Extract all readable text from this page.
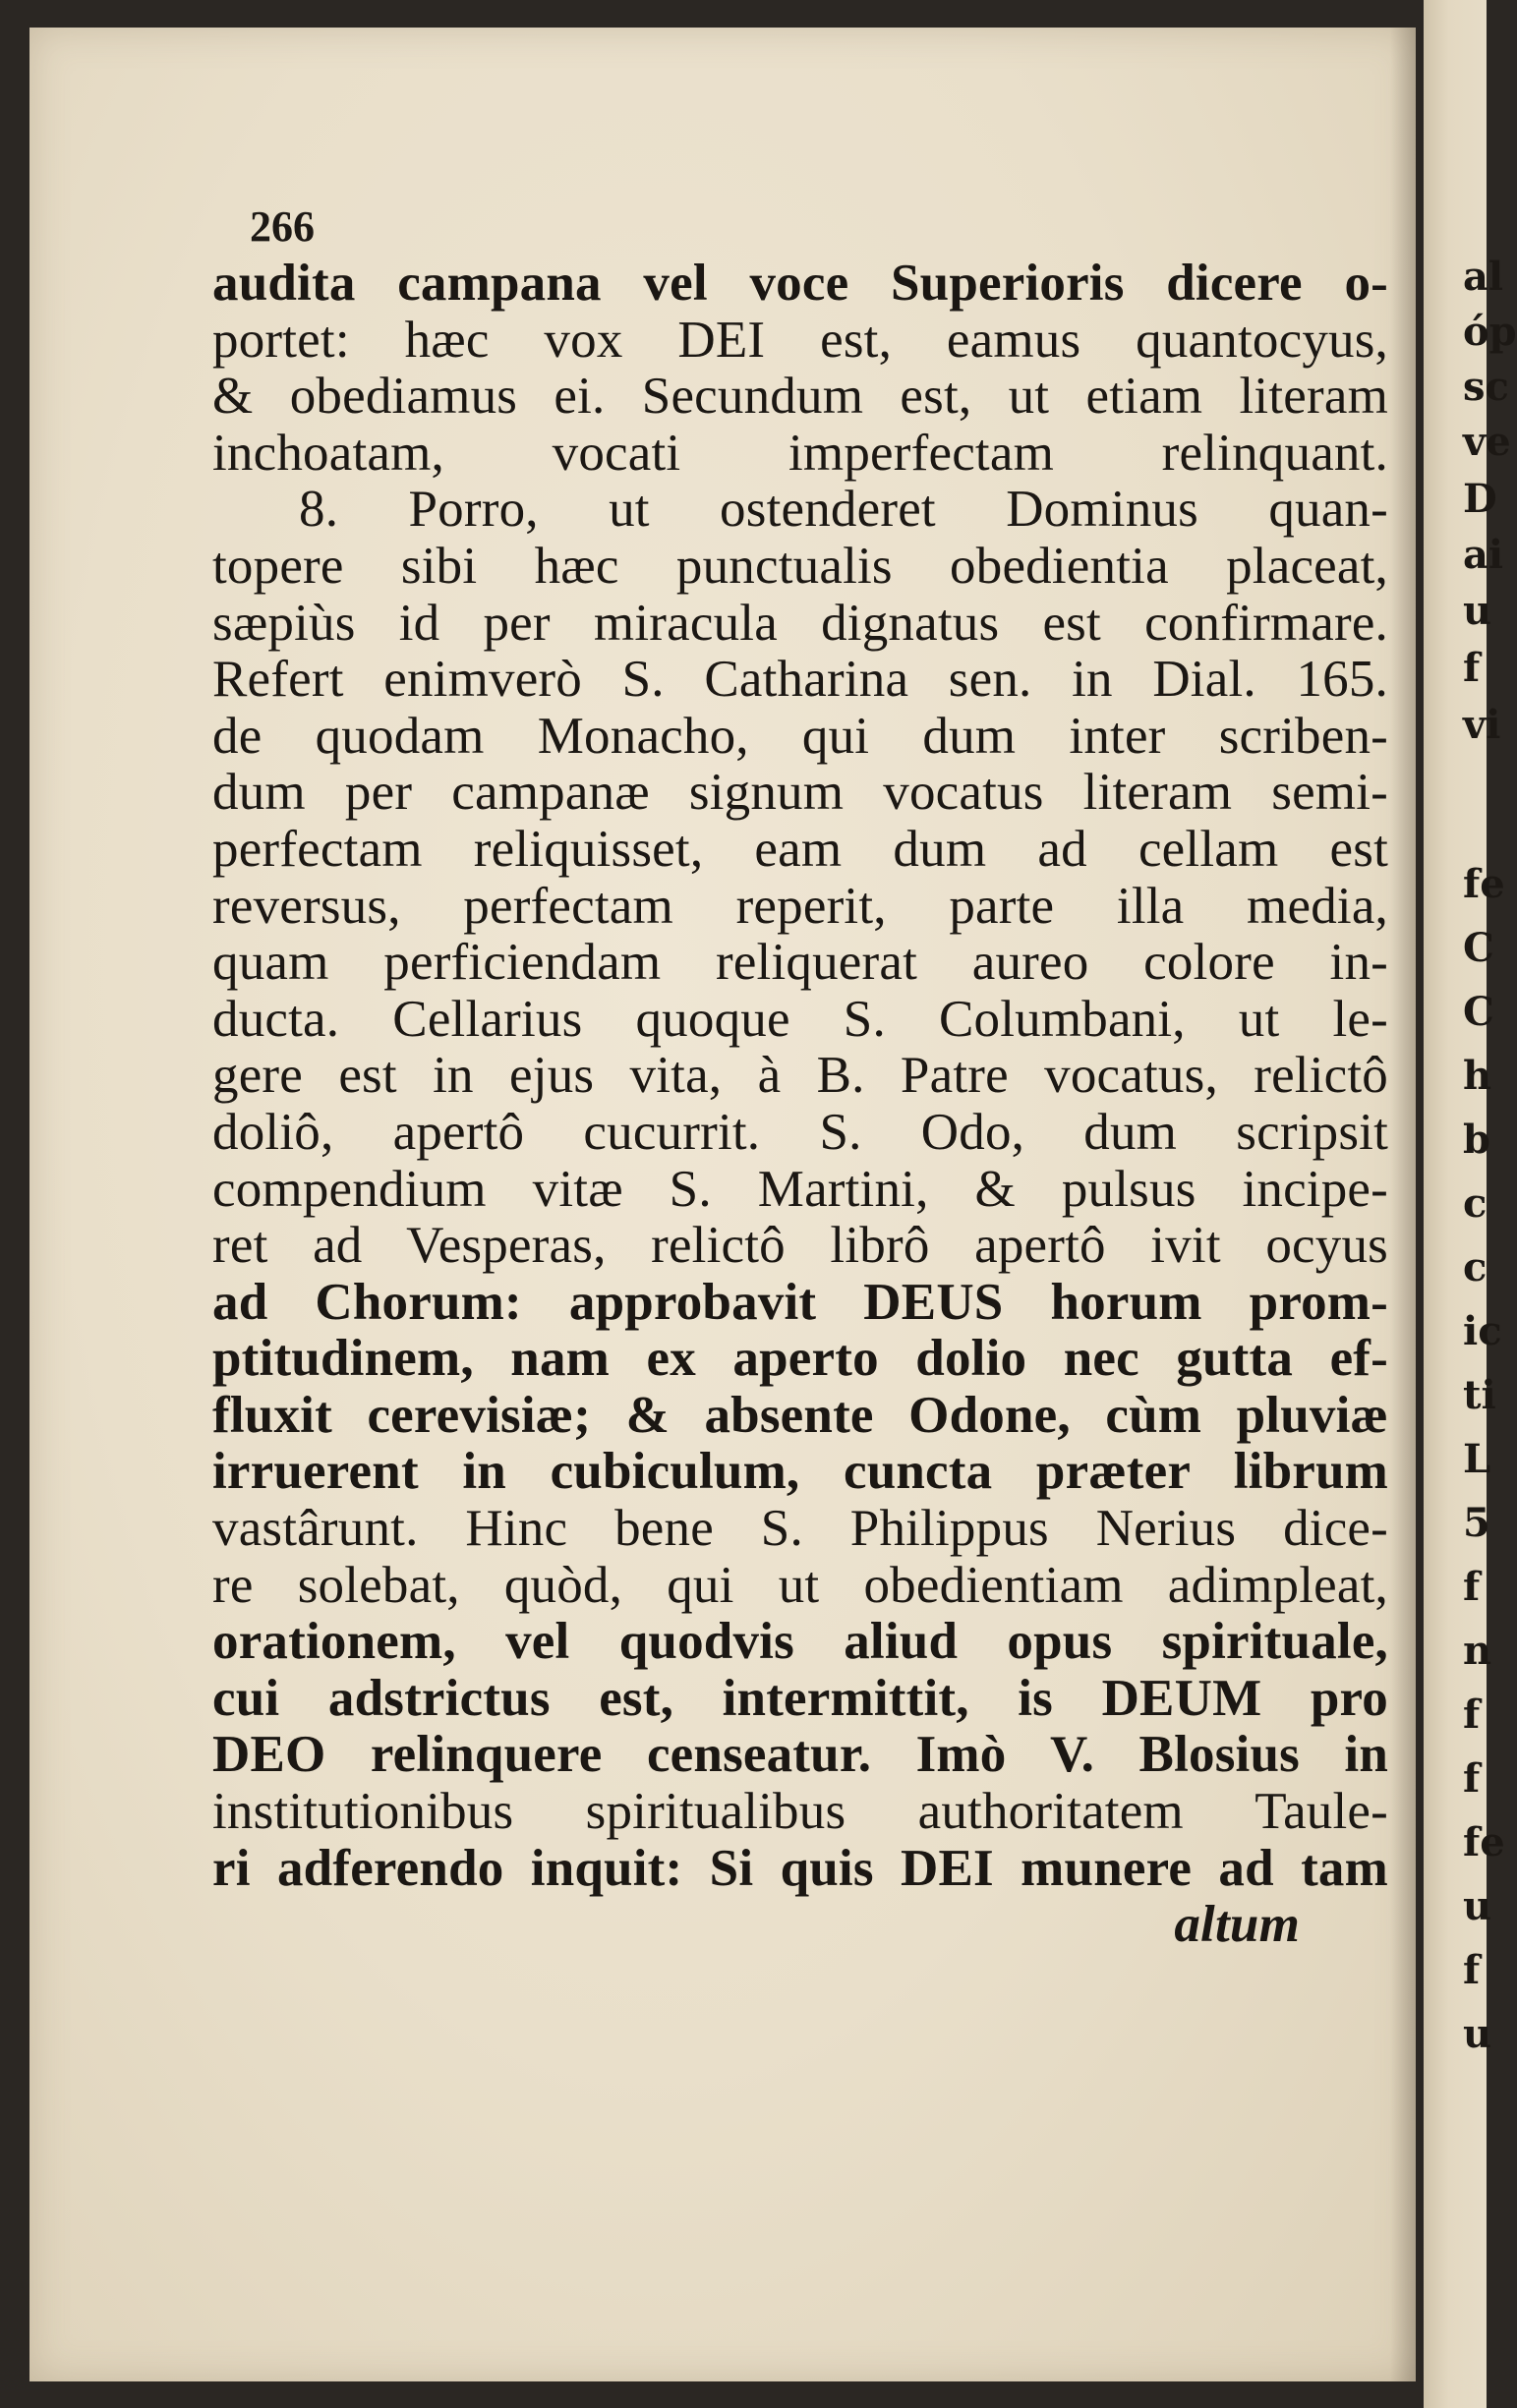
266
audita campana vel voce Superioris dicere o-
portet: hæc vox DEI est, eamus quantocyus,
& obediamus ei. Secundum est, ut etiam literam
inchoatam, vocati imperfectam relinquant.
8. Porro, ut ostenderet Dominus quan-
topere sibi hæc punctualis obedientia placeat,
sæpiùs id per miracula dignatus est confirmare.
Refert enimverò S. Catharina sen. in Dial. 165.
de quodam Monacho, qui dum inter scriben-
dum per campanæ signum vocatus literam semi-
perfectam reliquisset, eam dum ad cellam est
reversus, perfectam reperit, parte illa media,
quam perficiendam reliquerat aureo colore in-
ducta. Cellarius quoque S. Columbani, ut le-
gere est in ejus vita, à B. Patre vocatus, relictô
doliô, apertô cucurrit. S. Odo, dum scripsit
compendium vitæ S. Martini, & pulsus incipe-
ret ad Vesperas, relictô librô apertô ivit ocyus
ad Chorum: approbavit DEUS horum prom-
ptitudinem, nam ex aperto dolio nec gutta ef-
fluxit cerevisiæ; & absente Odone, cùm pluviæ
irruerent in cubiculum, cuncta præter librum
vastârunt. Hinc bene S. Philippus Nerius dice-
re solebat, quòd, qui ut obedientiam adimpleat,
orationem, vel quodvis aliud opus spirituale,
cui adstrictus est, intermittit, is DEUM pro
DEO relinquere censeatur. Imò V. Blosius in
institutionibus spiritualibus authoritatem Taule-
ri adferendo inquit: Si quis DEI munere ad tam
altum
al
óp
sc
ve
D
ai
u
f
vi
fe
C
C
h
b
c
c
ic
ti
L
5
f
n
f
f
fe
u
f
u
